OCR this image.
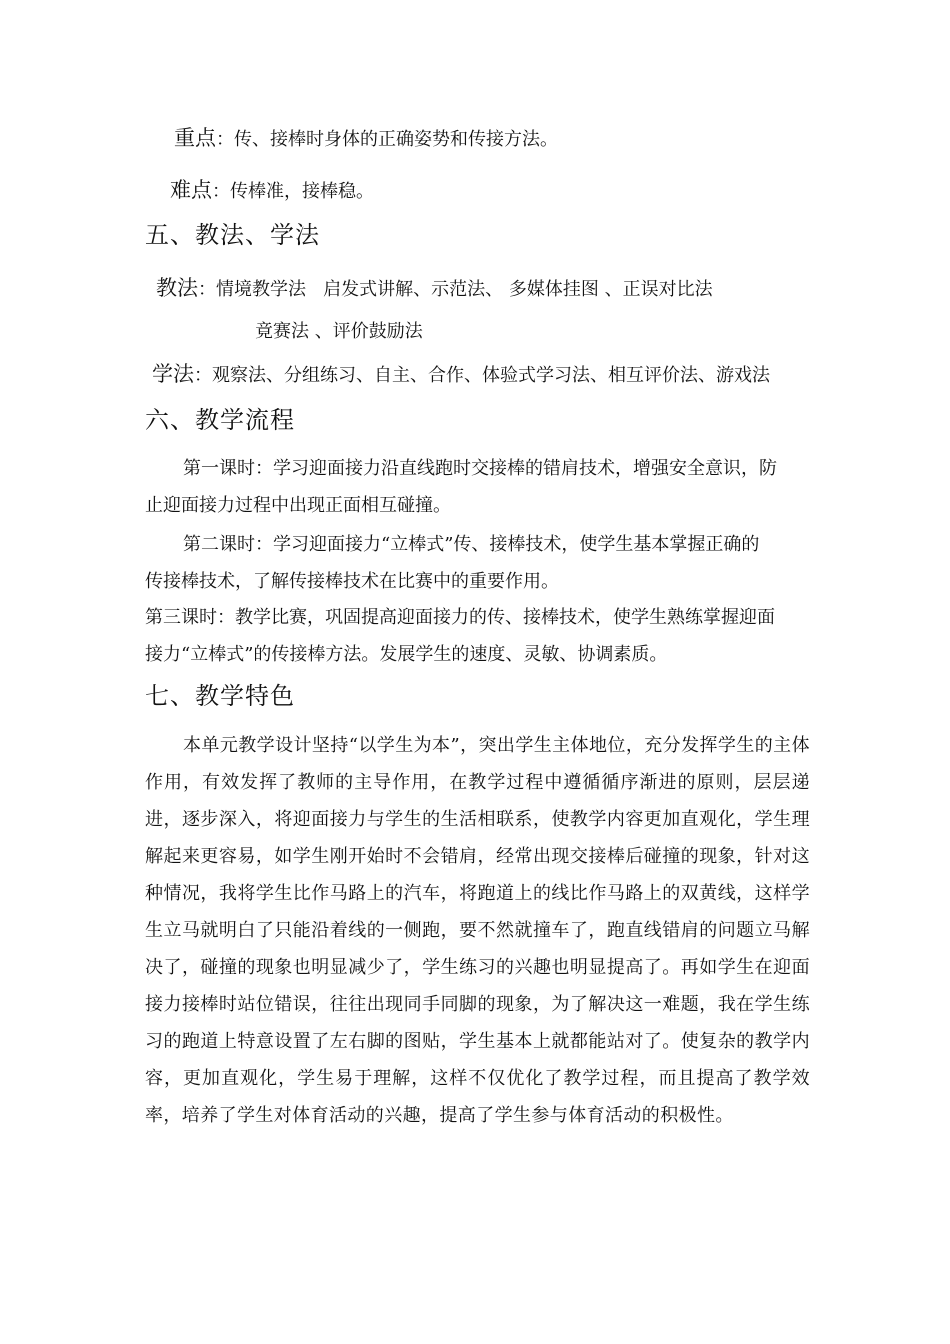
重点：传、接棒时身体的正确姿势和传接方法。
难点：传棒准，接棒稳。
五、教法、学法
教法：情境教学法   启发式讲解、示范法、 多媒体挂图 、正误对比法
竟赛法 、评价鼓励法
学法：观察法、分组练习、自主、合作、体验式学习法、相互评价法、游戏法
六、教学流程
第一课时：学习迎面接力沿直线跑时交接棒的错肩技术，增强安全意识，防
止迎面接力过程中出现正面相互碰撞。
第二课时：学习迎面接力“立棒式”传、接棒技术，使学生基本掌握正确的
传接棒技术，了解传接棒技术在比赛中的重要作用。
第三课时：教学比赛，巩固提高迎面接力的传、接棒技术，使学生熟练掌握迎面
接力“立棒式”的传接棒方法。发展学生的速度、灵敏、协调素质。
七、教学特色
本单元教学设计坚持“以学生为本”，突出学生主体地位，充分发挥学生的主体作用，有效发挥了教师的主导作用，在教学过程中遵循循序渐进的原则，层层递进，逐步深入，将迎面接力与学生的生活相联系，使教学内容更加直观化，学生理解起来更容易，如学生刚开始时不会错肩，经常出现交接棒后碰撞的现象，针对这种情况，我将学生比作马路上的汽车，将跑道上的线比作马路上的双黄线，这样学生立马就明白了只能沿着线的一侧跑，要不然就撞车了，跑直线错肩的问题立马解决了，碰撞的现象也明显减少了，学生练习的兴趣也明显提高了。再如学生在迎面接力接棒时站位错误，往往出现同手同脚的现象，为了解决这一难题，我在学生练习的跑道上特意设置了左右脚的图贴，学生基本上就都能站对了。使复杂的教学内容，更加直观化，学生易于理解，这样不仅优化了教学过程，而且提高了教学效率，培养了学生对体育活动的兴趣，提高了学生参与体育活动的积极性。
